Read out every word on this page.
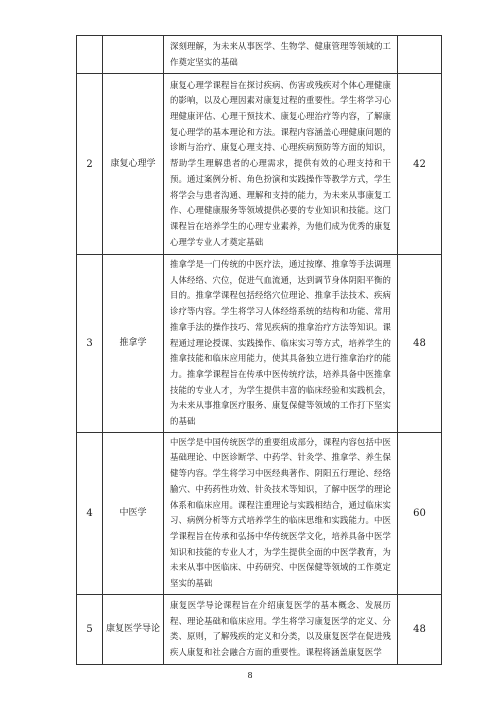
		深刻理解，为未来从事医学、生物学、健康管理等领域的工作奠定坚实的基础	
2	康复心理学	康复心理学课程旨在探讨疾病、伤害或残疾对个体心理健康的影响，以及心理因素对康复过程的重要性。学生将学习心理健康评估、心理干预技术、康复心理治疗等内容，了解康复心理学的基本理论和方法。课程内容涵盖心理健康问题的诊断与治疗、康复心理支持、心理疾病预防等方面的知识，帮助学生理解患者的心理需求，提供有效的心理支持和干预。通过案例分析、角色扮演和实践操作等教学方式，学生将学会与患者沟通、理解和支持的能力，为未来从事康复工作、心理健康服务等领域提供必要的专业知识和技能。这门课程旨在培养学生的心理专业素养，为他们成为优秀的康复心理学专业人才奠定基础	42
3	推拿学	推拿学是一门传统的中医疗法，通过按摩、推拿等手法调理人体经络、穴位，促进气血流通，达到调节身体阴阳平衡的目的。推拿学课程包括经络穴位理论、推拿手法技术、疾病诊疗等内容。学生将学习人体经络系统的结构和功能、常用推拿手法的操作技巧、常见疾病的推拿治疗方法等知识。课程通过理论授课、实践操作、临床实习等方式，培养学生的推拿技能和临床应用能力，使其具备独立进行推拿治疗的能力。推拿学课程旨在传承中医传统疗法，培养具备中医推拿技能的专业人才，为学生提供丰富的临床经验和实践机会，为未来从事推拿医疗服务、康复保健等领域的工作打下坚实的基础	48
4	中医学	中医学是中国传统医学的重要组成部分，课程内容包括中医基础理论、中医诊断学、中药学、针灸学、推拿学、养生保健等内容。学生将学习中医经典著作、阴阳五行理论、经络腧穴、中药药性功效、针灸技术等知识，了解中医学的理论体系和临床应用。课程注重理论与实践相结合，通过临床实习、病例分析等方式培养学生的临床思维和实践能力。中医学课程旨在传承和弘扬中华传统医学文化，培养具备中医学知识和技能的专业人才，为学生提供全面的中医学教育，为未来从事中医临床、中药研究、中医保健等领域的工作奠定坚实的基础	60
5	康复医学导论	康复医学导论课程旨在介绍康复医学的基本概念、发展历程、理论基础和临床应用。学生将学习康复医学的定义、分类、原则，了解残疾的定义和分类，以及康复医学在促进残疾人康复和社会融合方面的重要性。课程将涵盖康复医学	48
8
